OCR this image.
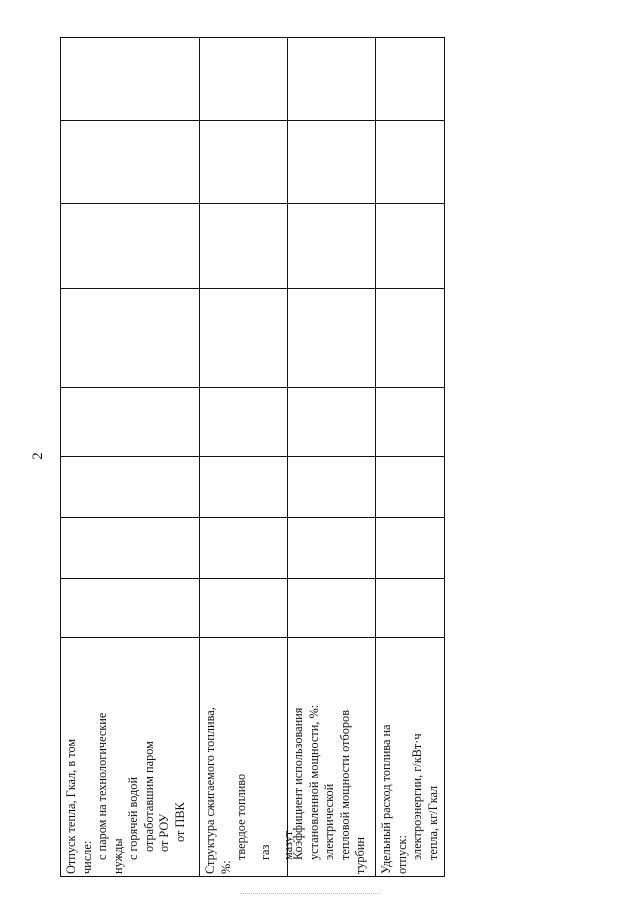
2
Отпуск тепла, Гкал, в том числе: с паром на технологические нужды с горячей водой отработавшим паром от РОУ от ПВК Структура сжигаемого топлива, %:
твердое топливо газ мазут
Коэффициент использования установленной мощности, %: электрической тепловой мощности отборов турбин Удельный расход топлива на отпуск: электроэнергии, г/кВт·ч тепла, кг/Гкал
